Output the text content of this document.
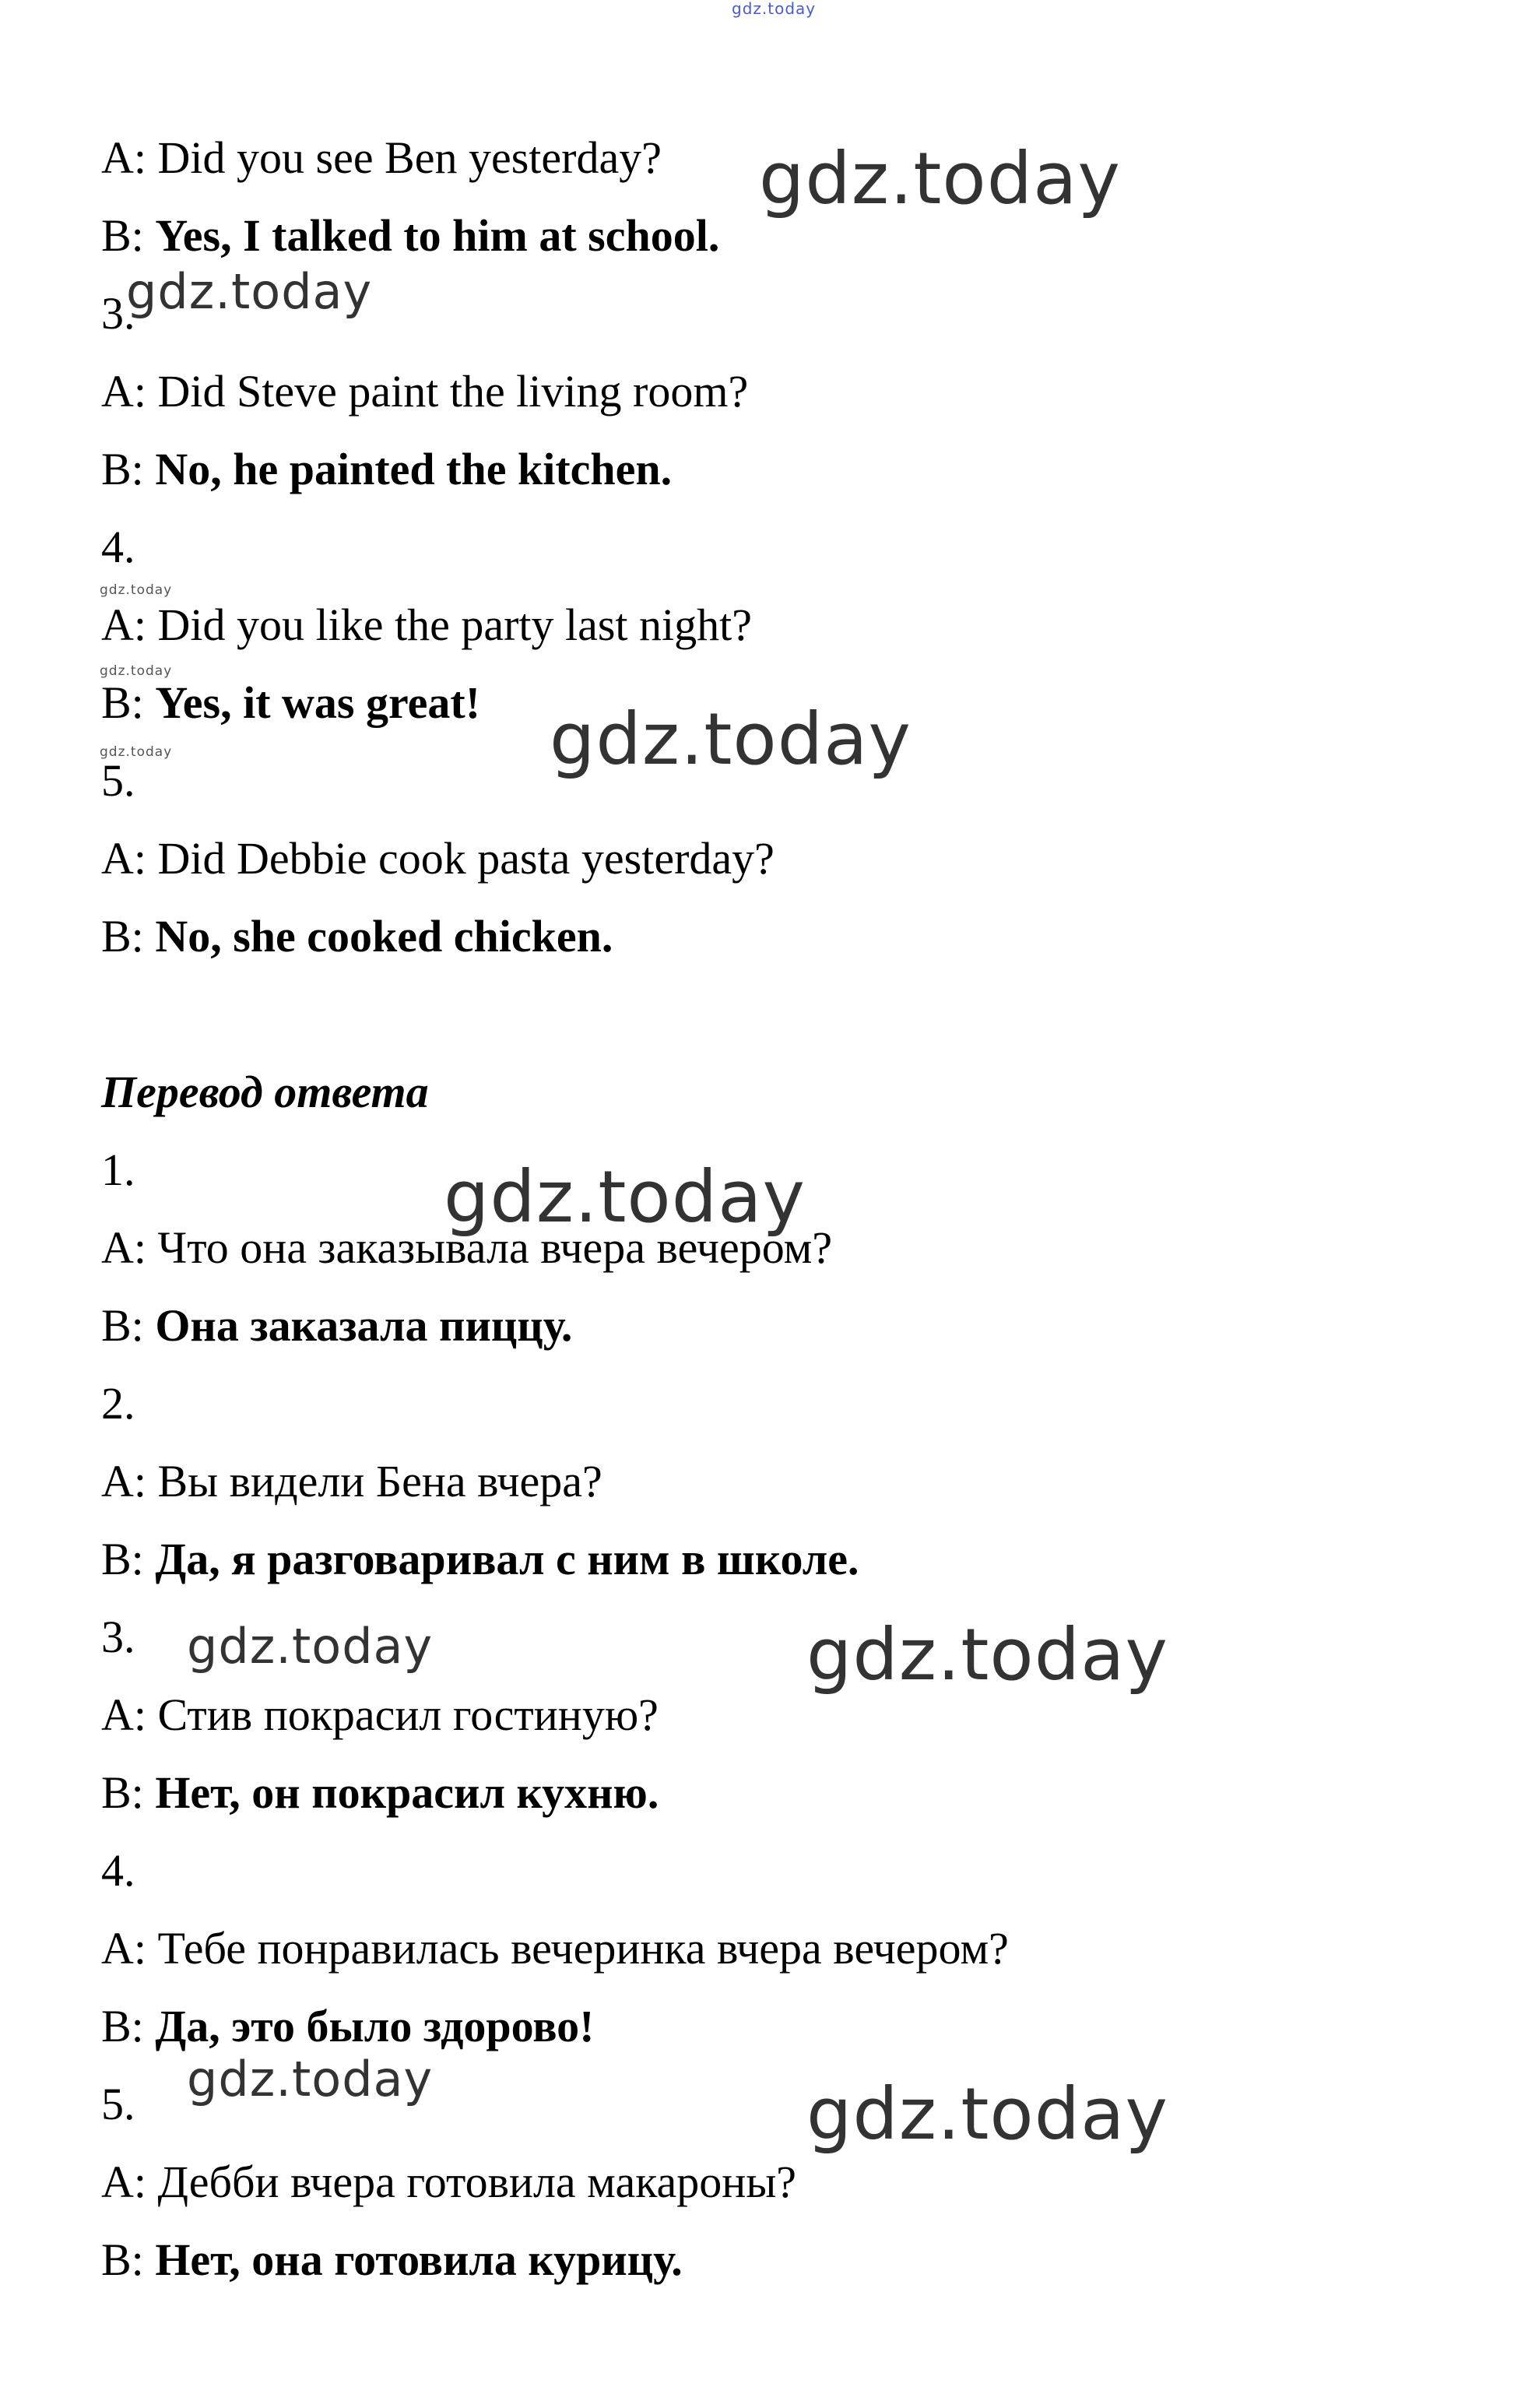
gdz.today
A: Did you see Ben yesterday? gdz.today
B: Yes, I talked to him at school.
3.
gdz.today
A: Did Steve paint the living room?
B: No, he painted the kitchen.
4.
gdz.today
A: Did you like the party last night?
gdz.today
B: Yes, it was great! gdz.today
gdz.today
5.
A: Did Debbie cook pasta yesterday?
B: No, she cooked chicken.
Перевод ответа
1.	gdz.today
A: Что она заказывала вчера вечером?
B: Она заказала пиццу.
2.
A: Вы видели Бена вчера?
B: Да, я разговаривал с ним в школе.
3. gdz.today	gdz.today
A: Стив покрасил гостиную?
B: Нет, он покрасил кухню.
4.
A: Тебе понравилась вечеринка вчера вечером?
B: Да, это было здорово!
5. gdz.today	gdz.today
A: Дебби вчера готовила макароны?
B: Нет, она готовила курицу.
